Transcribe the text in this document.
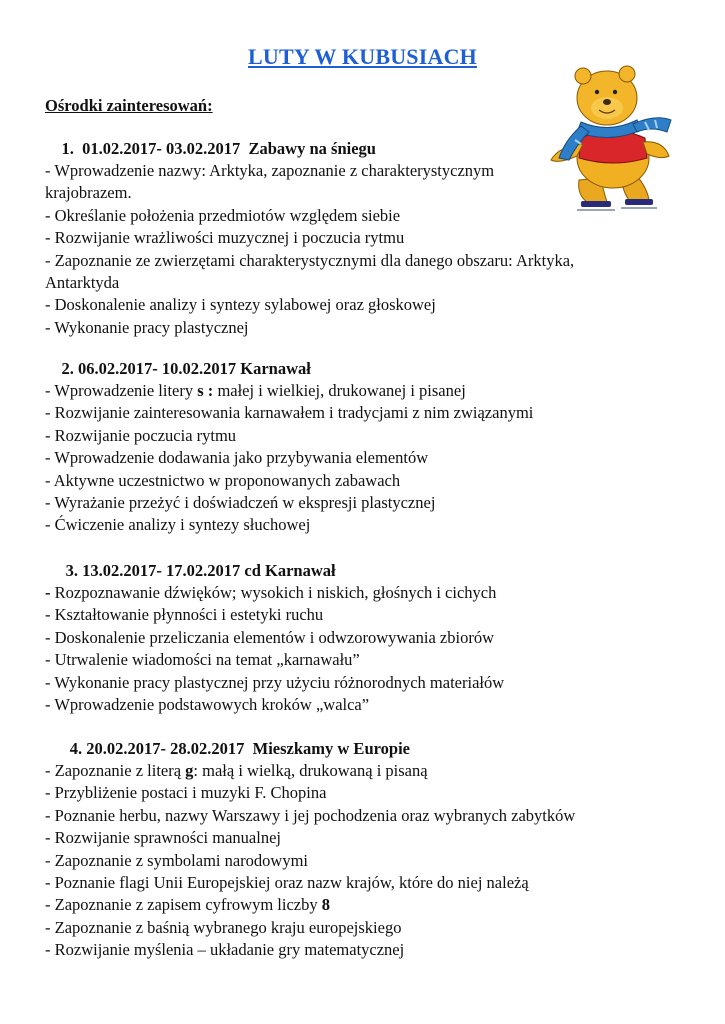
LUTY W KUBUSIACH
Ośrodki zainteresowań:
1.  01.02.2017- 03.02.2017  Zabawy na śniegu
- Wprowadzenie nazwy: Arktyka, zapoznanie z charakterystycznym
krajobrazem.
- Określanie położenia przedmiotów względem siebie
- Rozwijanie wrażliwości muzycznej i poczucia rytmu
- Zapoznanie ze zwierzętami charakterystycznymi dla danego obszaru: Arktyka,
Antarktyda
- Doskonalenie analizy i syntezy sylabowej oraz głoskowej
- Wykonanie pracy plastycznej
2. 06.02.2017- 10.02.2017 Karnawał
- Wprowadzenie litery s : małej i wielkiej, drukowanej i pisanej
- Rozwijanie zainteresowania karnawałem i tradycjami z nim związanymi
- Rozwijanie poczucia rytmu
- Wprowadzenie dodawania jako przybywania elementów
- Aktywne uczestnictwo w proponowanych zabawach
- Wyrażanie przeżyć i doświadczeń w ekspresji plastycznej
- Ćwiczenie analizy i syntezy słuchowej
3. 13.02.2017- 17.02.2017 cd Karnawał
- Rozpoznawanie dźwięków; wysokich i niskich, głośnych i cichych
- Kształtowanie płynności i estetyki ruchu
- Doskonalenie przeliczania elementów i odwzorowywania zbiorów
- Utrwalenie wiadomości na temat „karnawału”
- Wykonanie pracy plastycznej przy użyciu różnorodnych materiałów
- Wprowadzenie podstawowych kroków „walca”
4. 20.02.2017- 28.02.2017  Mieszkamy w Europie
- Zapoznanie z literą g: małą i wielką, drukowaną i pisaną
- Przybliżenie postaci i muzyki F. Chopina
- Poznanie herbu, nazwy Warszawy i jej pochodzenia oraz wybranych zabytków
- Rozwijanie sprawności manualnej
- Zapoznanie z symbolami narodowymi
- Poznanie flagi Unii Europejskiej oraz nazw krajów, które do niej należą
- Zapoznanie z zapisem cyfrowym liczby 8
- Zapoznanie z baśnią wybranego kraju europejskiego
- Rozwijanie myślenia – układanie gry matematycznej
